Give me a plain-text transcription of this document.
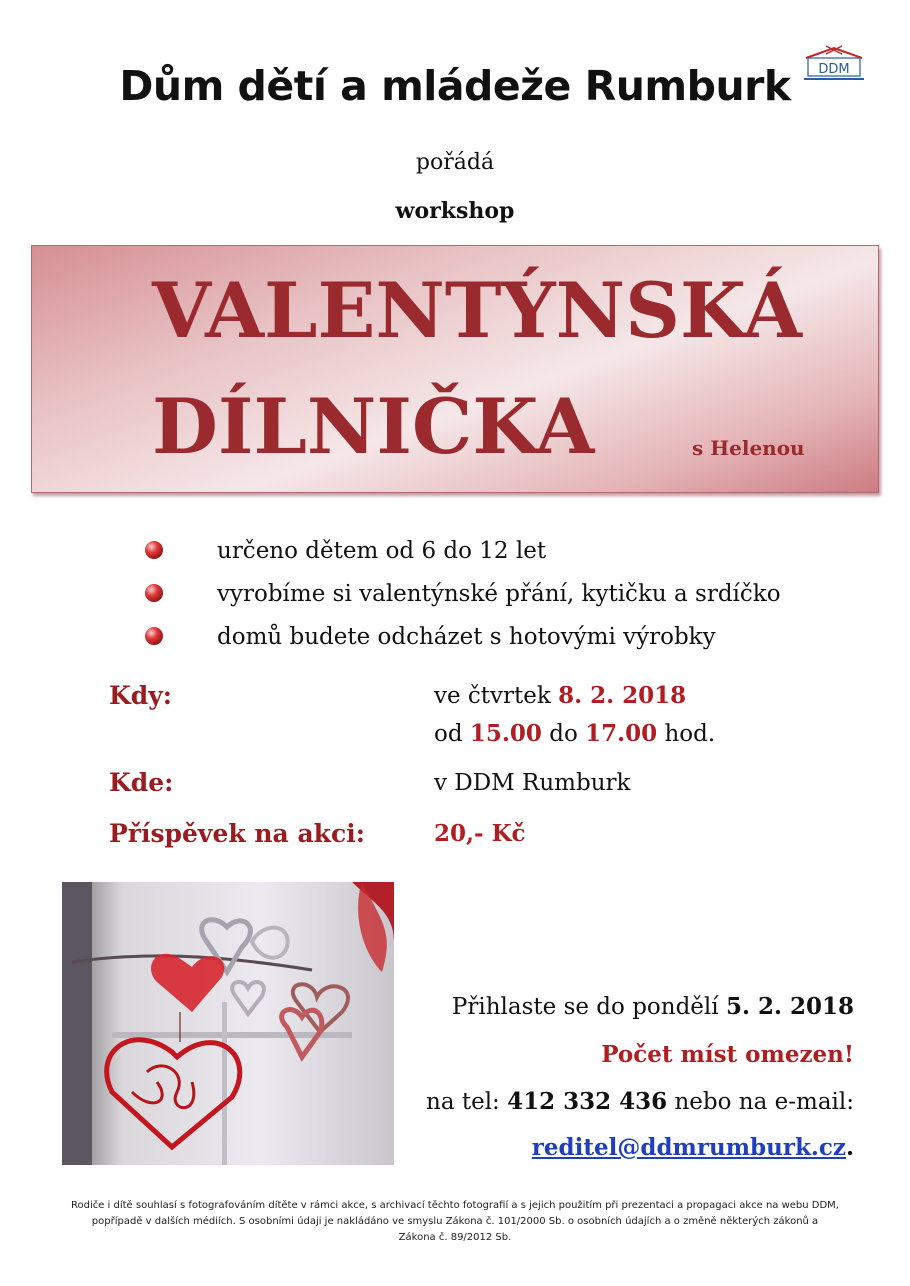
Dům dětí a mládeže Rumburk	DDM
pořádá
workshop
VALENTÝNSKÁ
DÍLNIČKA	s Helenou
určeno dětem od 6 do 12 let
vyrobíme si valentýnské přání, kytičku a srdíčko
domů budete odcházet s hotovými výrobky
Kdy:	ve čtvrtek 8. 2. 2018
od 15.00 do 17.00 hod.
Kde:	v DDM Rumburk
Příspěvek na akci:	20,- Kč
Přihlaste se do pondělí 5. 2. 2018
Počet míst omezen!
na tel: 412 332 436 nebo na e-mail:
reditel@ddmrumburk.cz.
Rodiče i dítě souhlasí s fotografováním dítěte v rámci akce, s archivací těchto fotografií a s jejich použitím při prezentaci a propagaci akce na webu DDM,
popřípadě v dalších médiích. S osobními údaji je nakládáno ve smyslu Zákona č. 101/2000 Sb. o osobních údajích a o změně některých zákonů a
Zákona č. 89/2012 Sb.
